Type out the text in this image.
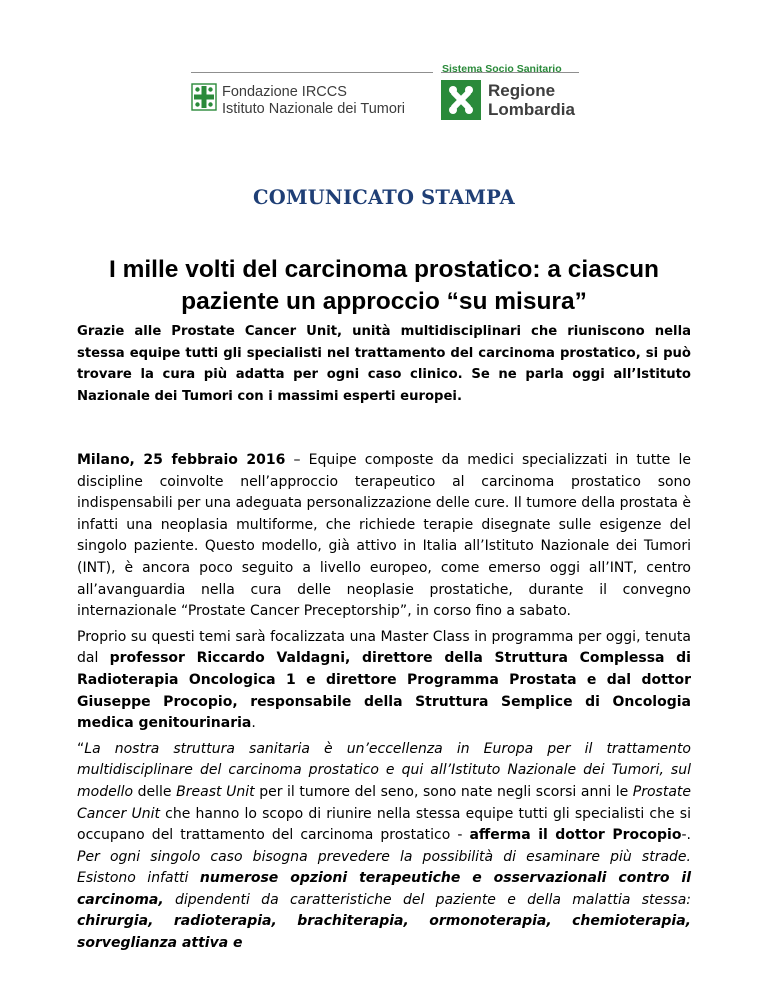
Sistema Socio Sanitario
Fondazione IRCCS
Istituto Nazionale dei Tumori
Regione
Lombardia
COMUNICATO STAMPA
I mille volti del carcinoma prostatico: a ciascun
paziente un approccio “su misura”
Grazie alle Prostate Cancer Unit, unità multidisciplinari che riuniscono nella stessa equipe tutti gli specialisti nel trattamento del carcinoma prostatico, si può trovare la cura più adatta per ogni caso clinico. Se ne parla oggi all’Istituto Nazionale dei Tumori con i massimi esperti europei.

Milano, 25 febbraio 2016 – Equipe composte da medici specializzati in tutte le discipline coinvolte nell’approccio terapeutico al carcinoma prostatico sono indispensabili per una adeguata personalizzazione delle cure. Il tumore della prostata è infatti una neoplasia multiforme, che richiede terapie disegnate sulle esigenze del singolo paziente. Questo modello, già attivo in Italia all’Istituto Nazionale dei Tumori (INT), è ancora poco seguito a livello europeo, come emerso oggi all’INT, centro all’avanguardia nella cura delle neoplasie prostatiche, durante il convegno internazionale “Prostate Cancer Preceptorship”, in corso fino a sabato.

Proprio su questi temi sarà focalizzata una Master Class in programma per oggi, tenuta dal professor Riccardo Valdagni, direttore della Struttura Complessa di Radioterapia Oncologica 1 e direttore Programma Prostata e dal dottor Giuseppe Procopio, responsabile della Struttura Semplice di Oncologia medica genitourinaria.

“La nostra struttura sanitaria è un’eccellenza in Europa per il trattamento multidisciplinare del carcinoma prostatico e qui all’Istituto Nazionale dei Tumori, sul modello delle Breast Unit per il tumore del seno, sono nate negli scorsi anni le Prostate Cancer Unit che hanno lo scopo di riunire nella stessa equipe tutti gli specialisti che si occupano del trattamento del carcinoma prostatico - afferma il dottor Procopio-. Per ogni singolo caso bisogna prevedere la possibilità di esaminare più strade. Esistono infatti numerose opzioni terapeutiche e osservazionali contro il carcinoma, dipendenti da caratteristiche del paziente e della malattia stessa: chirurgia, radioterapia, brachiterapia, ormonoterapia, chemioterapia, sorveglianza attiva e
